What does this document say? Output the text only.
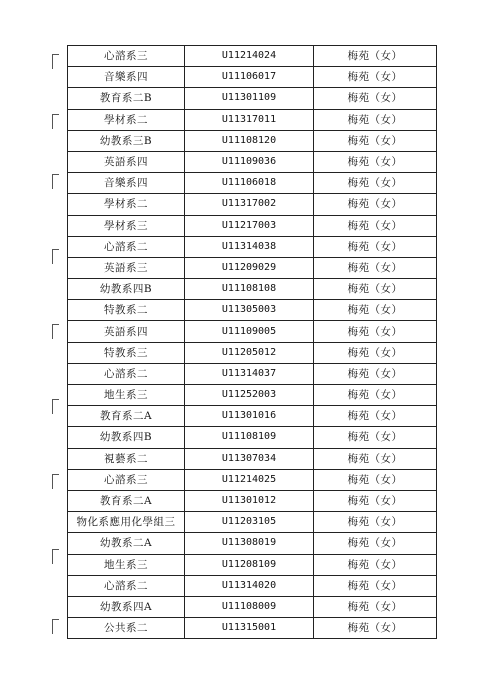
心諮系三	U11214024	梅苑（女）
音樂系四	U11106017	梅苑（女）
教育系二B	U11301109	梅苑（女）
學材系二	U11317011	梅苑（女）
幼教系三B	U11108120	梅苑（女）
英語系四	U11109036	梅苑（女）
音樂系四	U11106018	梅苑（女）
學材系二	U11317002	梅苑（女）
學材系三	U11217003	梅苑（女）
心諮系二	U11314038	梅苑（女）
英語系三	U11209029	梅苑（女）
幼教系四B	U11108108	梅苑（女）
特教系二	U11305003	梅苑（女）
英語系四	U11109005	梅苑（女）
特教系三	U11205012	梅苑（女）
心諮系二	U11314037	梅苑（女）
地生系三	U11252003	梅苑（女）
教育系二A	U11301016	梅苑（女）
幼教系四B	U11108109	梅苑（女）
視藝系二	U11307034	梅苑（女）
心諮系三	U11214025	梅苑（女）
教育系二A	U11301012	梅苑（女）
物化系應用化學組三	U11203105	梅苑（女）
幼教系二A	U11308019	梅苑（女）
地生系三	U11208109	梅苑（女）
心諮系二	U11314020	梅苑（女）
幼教系四A	U11108009	梅苑（女）
公共系二	U11315001	梅苑（女）
